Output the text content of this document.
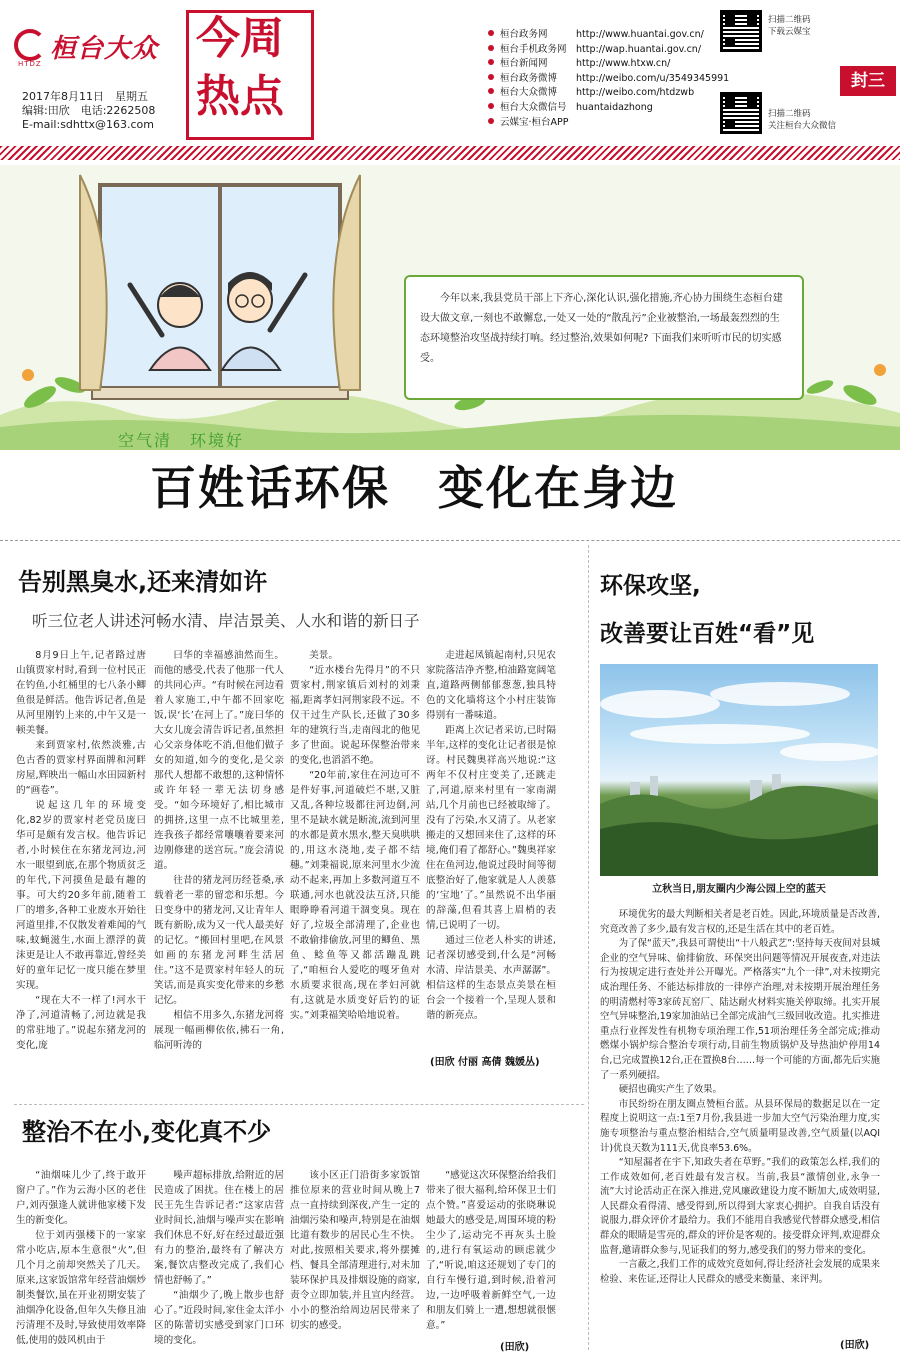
桓台大众
HTDZ
2017年8月11日　星期五
编辑:田欣　电话:2262508
E-mail:sdhttx@163.com
今周
热点
桓台政务网	http://www.huantai.gov.cn/
桓台手机政务网 http://wap.huantai.gov.cn/
桓台新闻网	http://www.htxw.cn/
桓台政务微博 http://weibo.com/u/3549345991
桓台大众微博 http://weibo.com/htdzwb
桓台大众微信号 huantaidazhong
云媒宝·桓台APP
扫描二维码
下载云媒宝
扫描二维码
关注桓台大众微信
封三
今年以来,我县党员干部上下齐心,深化认识,强化措施,齐心协力围绕生态桓台建设大做文章,一刻也不敢懈怠,一处又一处的“散乱污”企业被整治,一场最轰烈烈的生态环境整治攻坚战持续打响。经过整治,效果如何呢? 下面我们来听听市民的切实感受。
空气清　环境好
百姓话环保　变化在身边
告别黑臭水,还来清如许
听三位老人讲述河畅水清、岸洁景美、人水和谐的新日子

8月9日上午,记者路过唐山镇贾家村时,看到一位村民正在钓鱼,小红桶里的七八条小鲫鱼很是鲜活。他告诉记者,鱼是从河里刚钓上来的,中午又是一顿美餐。

来到贾家村,依然淡雅,古色古香的贾家村界面牌和河畔房屋,辉映出一幅山水田园新村的“画卷”。

说起这几年的环境变化,82岁的贾家村老党员庞曰华可是颇有发言权。他告诉记者,小时候住在东猪龙河边,河水一眼望到底,在那个物质贫乏的年代,下河摸鱼是最有趣的事。可大约20多年前,随着工厂的增多,各种工业废水开始往河道里排,不仅散发着难闻的气味,蚊蝇滋生,水面上漂浮的黄沫更是让人不敢再靠近,曾经美好的童年记忆一度只能在梦里实现。

“现在大不一样了!河水干净了,河道清畅了,河边就是我的常驻地了。”说起东猪龙河的变化,庞

曰华的幸福感油然而生。而他的感受,代表了他那一代人的共同心声。“有时候在河边看着人家施工,中午都不回家吃饭,误‘长’在河上了。”庞曰华的大女儿庞会清告诉记者,虽然担心父亲身体吃不消,但他们做子女的知道,如今的变化,是父亲那代人想都不敢想的,这种情怀或许年轻一辈无法切身感受。“如今环境好了,相比城市的拥挤,这里一点不比城里差,连我孩子都经常嚷嚷着要来河边刚修建的送宫玩。”庞会清说道。

往昔的猪龙河历经苍桑,承载着老一辈的留恋和乐想。今日变身中的猪龙河,又让青年人既有新盼,成为又一代人最美好的记忆。“搬回村里吧,在风景如画的东猪龙河畔生活居住。”这不是贾家村年轻人的玩笑话,而是真实变化带来的乡愁记忆。

相信不用多久,东猪龙河将展现一幅画柳依依,拂石一角,临河听涛的

美景。

“近水楼台先得月”的不只贾家村,荆家镇后刘村的刘秉福,距离孝妇河荆家段不远。不仅干过生产队长,还做了30多年的建筑行当,走南闯北的他见多了世面。说起环保整治带来的变化,也滔滔不绝。

“20年前,家住在河边可不是件好事,河道破烂不堪,又脏又乱,各种垃圾都往河边倒,河里不是缺水就是断流,流到河里的水都是黄水黑水,整天臭哄哄的,用这水浇地,麦子都不结穗。”刘秉福说,原来河里水少流动不起来,再加上多数河道互不联通,河水也就没法互济,只能眼睁睁看河道干涸变臭。现在好了,垃圾全部清理了,企业也不敢偷排偷放,河里的鲫鱼、黑鱼、鲶鱼等又都活蹦乱跳了,“咱桓台人爱吃的嘎牙鱼对水质要求很高,现在孝妇河就有,这就是水质变好后钓的证实。”刘秉福笑哈哈地说着。

走进起凤镇起南村,只见农家院落洁净齐整,柏油路宽阔笔直,道路两侧郁郁葱葱,独具特色的文化墙将这个小村庄装饰得别有一番味道。

距离上次记者采访,已时隔半年,这样的变化让记者很是惊讶。村民魏奥祥高兴地说:“这两年不仅村庄变美了,还跳走了,河道,原来村里有一家南湖站,几个月前也已经被取缔了。没有了污染,水又清了。从老家搬走的又想回来住了,这样的环境,俺们看了都舒心。”魏奥祥家住在鱼河边,他说过段时间等彻底整治好了,他家就是人人羡慕的‘宝地’了。”虽然说不出华丽的辞藻,但看其喜上眉梢的表情,已说明了一切。

通过三位老人朴实的讲述,记者深切感受到,什么是“河畅水清、岸洁景美、水声潺潺”。相信这样的生态景点美景在桓台会一个接着一个,呈现人景和谐的新亮点。

(田欣 付丽 高倩 魏媛丛)
整治不在小,变化真不少

“油烟味儿少了,终于敢开窗户了。”作为云海小区的老住户,刘丙强逢人就讲他家楼下发生的新变化。

位于刘丙强楼下的一家家常小吃店,原本生意很“火”,但几个月之前却突然关了几天。原来,这家饭馆常年经营油烟炒制类餐饮,虽在开业初期安装了油烟净化设备,但年久失修且油污清理不及时,导致使用效率降低,使用的鼓风机由于

噪声超标排放,给附近的居民造成了困扰。住在楼上的居民王先生告诉记者:“这家店营业时间长,油烟与噪声实在影响我们休息不好,好在经过最近强有力的整治,最终有了解决方案,餐饮店整改完成了,我们心情也舒畅了。”

“油烟少了,晚上散步也舒心了。”近段时间,家住金太洋小区的陈蕾切实感受到家门口环境的变化。

该小区正门沿街多家饭馆推位原来的营业时间从晚上7点一直持续到深夜,产生一定的油烟污染和噪声,特别是在油烟比道有数步的居民心生不快。对此,按照相关要求,将外摆摊档、餐具全部清理进行,对未加装环保护具及排烟设施的商家,责令立即加装,并且宣内经营。小小的整治给周边居民带来了切实的感受。

“感觉这次环保整治给我们带来了很大福利,给环保卫士们点个赞。”喜爱运动的张晓琳说她最大的感受是,周围环境的粉尘少了,运动完不再灰头土脸的,进行有氧运动的顾虑就少了,“听说,咱这还规划了专门的自行车慢行道,到时候,沿着河边,一边呼吸着新鲜空气,一边和朋友们骑上一遭,想想就很惬意。”

(田欣)
环保攻坚,
改善要让百姓“看”见
立秋当日,朋友圈内少海公园上空的蓝天

环境优劣的最大判断相关者是老百姓。因此,环境质量是否改善,究竟改善了多少,最有发言权的,还是生活在其中的老百姓。

为了保“蓝天”,我县可谓使出“十八般武艺”:坚持每天夜间对县城企业的空气异味、偷排偷放、环保突出问题等情况开展夜查,对违法行为按规定进行查处并公开曝光。严格落实“九个一律”,对未按期完成治理任务、不能达标排放的一律停产治理,对未按期开展治理任务的明清燃村等3家砖瓦窑厂、陆达耐火材料实施关停取缔。扎实开展空气异味整治,19家加油站已全部完成油气三级回收改造。扎实推进重点行业挥发性有机物专项治理工作,51项治理任务全部完成;推动燃煤小锅炉综合整治专项行动,目前生物质锅炉及导热油炉停用14台,已完成置换12台,正在置换8台……每一个可能的方面,都先后实施了一系列硬招。

硬招也确实产生了效果。

市民纷纷在朋友圈点赞桓台蓝。从县环保局的数据足以在一定程度上说明这一点:1至7月份,我县进一步加大空气污染治理力度,实施专项整治与重点整治相结合,空气质量明显改善,空气质量(以AQI计)优良天数为111天,优良率53.6%。

“知屋漏者在宇下,知政失者在草野。”我们的政策怎么样,我们的工作成效如何,老百姓最有发言权。当前,我县“激情创业,永争一流”大讨论活动正在深入推进,党风廉政建设力度不断加大,成效明显,人民群众看得清、感受得到,所以得到大家衷心拥护。自我自话没有说服力,群众评价才最给力。我们不能用自我感觉代替群众感受,相信群众的眼睛是雪亮的,群众的评价是客观的。接受群众评判,欢迎群众监督,邀请群众参与,见证我们的努力,感受我们的努力带来的变化。

一言蔽之,我们工作的成效究竟如何,得让经济社会发展的成果来检验、来佐证,还得让人民群众的感受来衡量、来评判。

(田欣)
